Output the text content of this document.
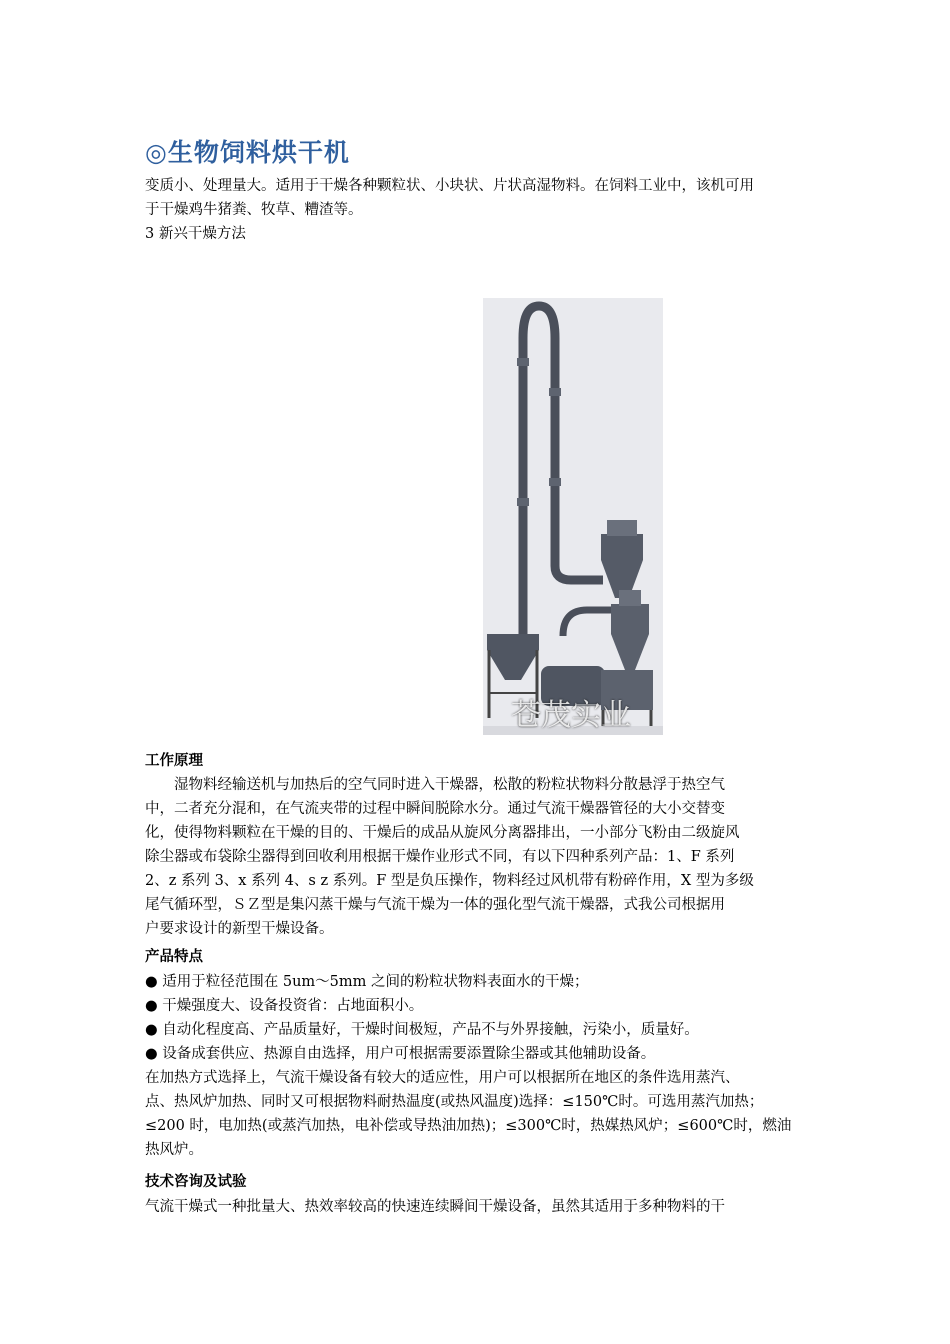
◎生物饲料烘干机
变质小、处理量大。适用于干燥各种颗粒状、小块状、片状高湿物料。在饲料工业中，该机可用
于干燥鸡牛猪粪、牧草、糟渣等。
3 新兴干燥方法
苍茂实业
工作原理
　　湿物料经输送机与加热后的空气同时进入干燥器，松散的粉粒状物料分散悬浮于热空气
中，二者充分混和，在气流夹带的过程中瞬间脱除水分。通过气流干燥器管径的大小交替变
化，使得物料颗粒在干燥的目的、干燥后的成品从旋风分离器排出，一小部分飞粉由二级旋风
除尘器或布袋除尘器得到回收利用根据干燥作业形式不同，有以下四种系列产品：1、F 系列
2、z 系列 3、x 系列 4、s z 系列。F 型是负压操作，物料经过风机带有粉碎作用，X 型为多级
尾气循环型，ＳＺ型是集闪蒸干燥与气流干燥为一体的强化型气流干燥器，式我公司根据用
户要求设计的新型干燥设备。
产品特点
● 适用于粒径范围在 5um～5mm 之间的粉粒状物料表面水的干燥；
● 干燥强度大、设备投资省：占地面积小。
● 自动化程度高、产品质量好，干燥时间极短，产品不与外界接触，污染小，质量好。
● 设备成套供应、热源自由选择，用户可根据需要添置除尘器或其他辅助设备。
在加热方式选择上，气流干燥设备有较大的适应性，用户可以根据所在地区的条件选用蒸汽、
点、热风炉加热、同时又可根据物料耐热温度(或热风温度)选择：≤150℃时。可选用蒸汽加热；
≤200 时，电加热(或蒸汽加热，电补偿或导热油加热)；≤300℃时，热媒热风炉；≤600℃时，燃油
热风炉。
技术咨询及试验
气流干燥式一种批量大、热效率较高的快速连续瞬间干燥设备，虽然其适用于多种物料的干
